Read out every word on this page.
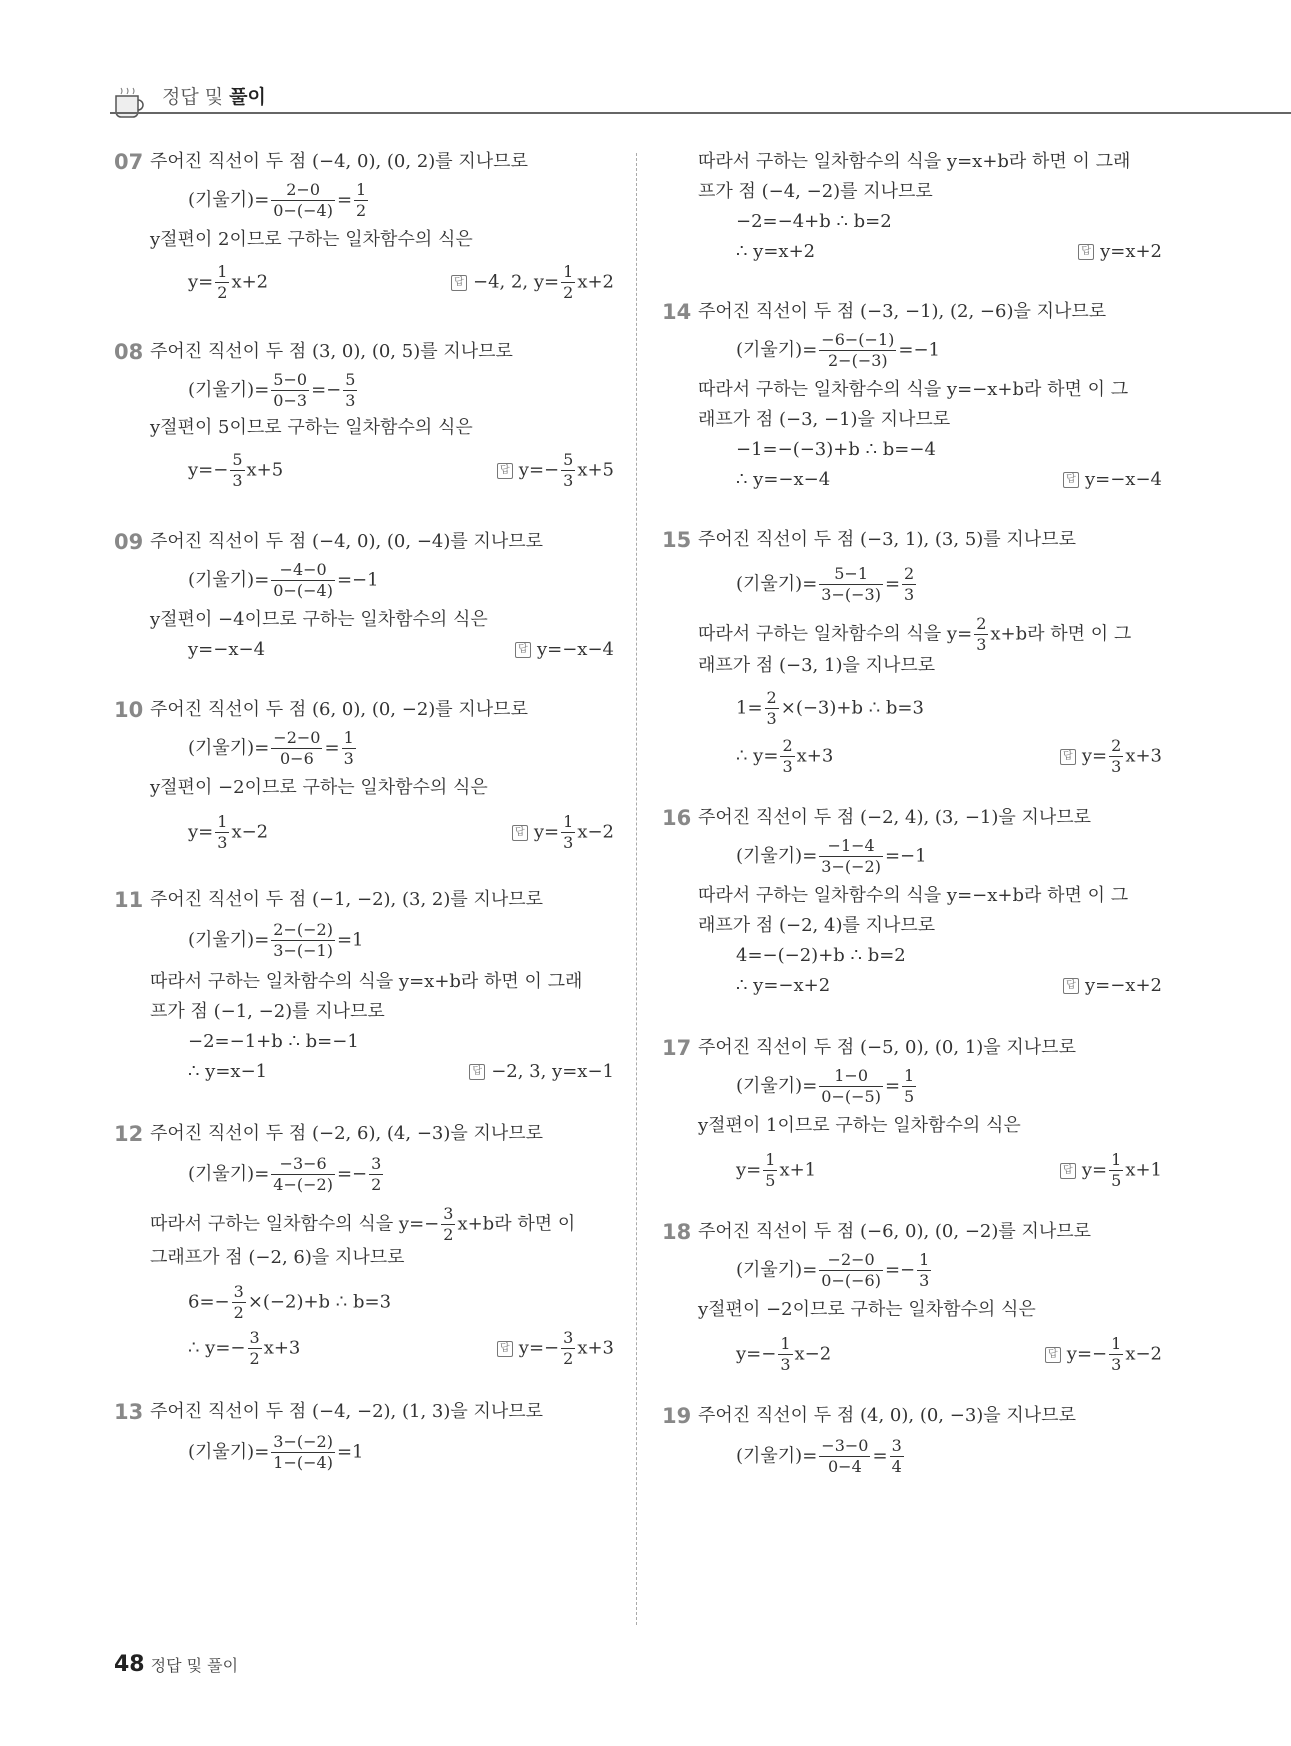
정답 및 풀이
07 주어진 직선이 두 점 (−4, 0), (0, 2)를 지나므로
(기울기)= $\frac{2-0}{0-(-4)} = \frac{1}{2}$
y절편이 2이므로 구하는 일차함수의 식은
$y= \frac{1}{2} x+2$	답 −4, 2, $y= \frac{1}{2} x+2$
08 주어진 직선이 두 점 (3, 0), (0, 5)를 지나므로
(기울기)= $\frac{5-0}{0-3} =- \frac{5}{3}$
y절편이 5이므로 구하는 일차함수의 식은
$y=- \frac{5}{3} x+5$	답 $y=- \frac{5}{3} x+5$
09 주어진 직선이 두 점 (−4, 0), (0, −4)를 지나므로
(기울기)= $\frac{-4-0}{0-(-4)} =-1$
y절편이 −4이므로 구하는 일차함수의 식은
y=−x−4	답 y=−x−4
10 주어진 직선이 두 점 (6, 0), (0, −2)를 지나므로
(기울기)= $\frac{-2-0}{0-6} = \frac{1}{3}$
y절편이 −2이므로 구하는 일차함수의 식은
$y= \frac{1}{3} x-2$	답 $y= \frac{1}{3} x-2$
11 주어진 직선이 두 점 (−1, −2), (3, 2)를 지나므로
(기울기)= $\frac{2-(-2)}{3-(-1)} =1$
따라서 구하는 일차함수의 식을 y=x+b라 하면 이 그래
프가 점 (−1, −2)를 지나므로
−2=−1+b ∴ b=−1
∴ y=x−1	답 −2, 3, y=x−1
12 주어진 직선이 두 점 (−2, 6), (4, −3)을 지나므로
(기울기)= $\frac{-3-6}{4-(-2)} =- \frac{3}{2}$
따라서 구하는 일차함수의 식을 $y=- \frac{3}{2} x+b$라 하면 이
그래프가 점 (−2, 6)을 지나므로
$6=- \frac{3}{2} \times(-2)+b$ ∴ b=3
∴ $y=- \frac{3}{2} x+3$	답 $y=- \frac{3}{2} x+3$
13 주어진 직선이 두 점 (−4, −2), (1, 3)을 지나므로
(기울기)= $\frac{3-(-2)}{1-(-4)} =1$
따라서 구하는 일차함수의 식을 y=x+b라 하면 이 그래
프가 점 (−4, −2)를 지나므로
−2=−4+b ∴ b=2
∴ y=x+2	답 y=x+2
14 주어진 직선이 두 점 (−3, −1), (2, −6)을 지나므로
(기울기)= $\frac{-6-(-1)}{2-(-3)} =-1$
따라서 구하는 일차함수의 식을 y=−x+b라 하면 이 그
래프가 점 (−3, −1)을 지나므로
−1=−(−3)+b ∴ b=−4
∴ y=−x−4	답 y=−x−4
15 주어진 직선이 두 점 (−3, 1), (3, 5)를 지나므로
(기울기)= $\frac{5-1}{3-(-3)} = \frac{2}{3}$
따라서 구하는 일차함수의 식을 $y= \frac{2}{3} x+b$라 하면 이 그
래프가 점 (−3, 1)을 지나므로
$1= \frac{2}{3} \times(-3)+b$ ∴ b=3
∴ $y= \frac{2}{3} x+3$	답 $y= \frac{2}{3} x+3$
16 주어진 직선이 두 점 (−2, 4), (3, −1)을 지나므로
(기울기)= $\frac{-1-4}{3-(-2)} =-1$
따라서 구하는 일차함수의 식을 y=−x+b라 하면 이 그
래프가 점 (−2, 4)를 지나므로
4=−(−2)+b ∴ b=2
∴ y=−x+2	답 y=−x+2
17 주어진 직선이 두 점 (−5, 0), (0, 1)을 지나므로
(기울기)= $\frac{1-0}{0-(-5)} = \frac{1}{5}$
y절편이 1이므로 구하는 일차함수의 식은
$y= \frac{1}{5} x+1$	답 $y= \frac{1}{5} x+1$
18 주어진 직선이 두 점 (−6, 0), (0, −2)를 지나므로
(기울기)= $\frac{-2-0}{0-(-6)} =- \frac{1}{3}$
y절편이 −2이므로 구하는 일차함수의 식은
$y=- \frac{1}{3} x-2$	답 $y=- \frac{1}{3} x-2$
19 주어진 직선이 두 점 (4, 0), (0, −3)을 지나므로
(기울기)= $\frac{-3-0}{0-4} = \frac{3}{4}$
48 정답 및 풀이
